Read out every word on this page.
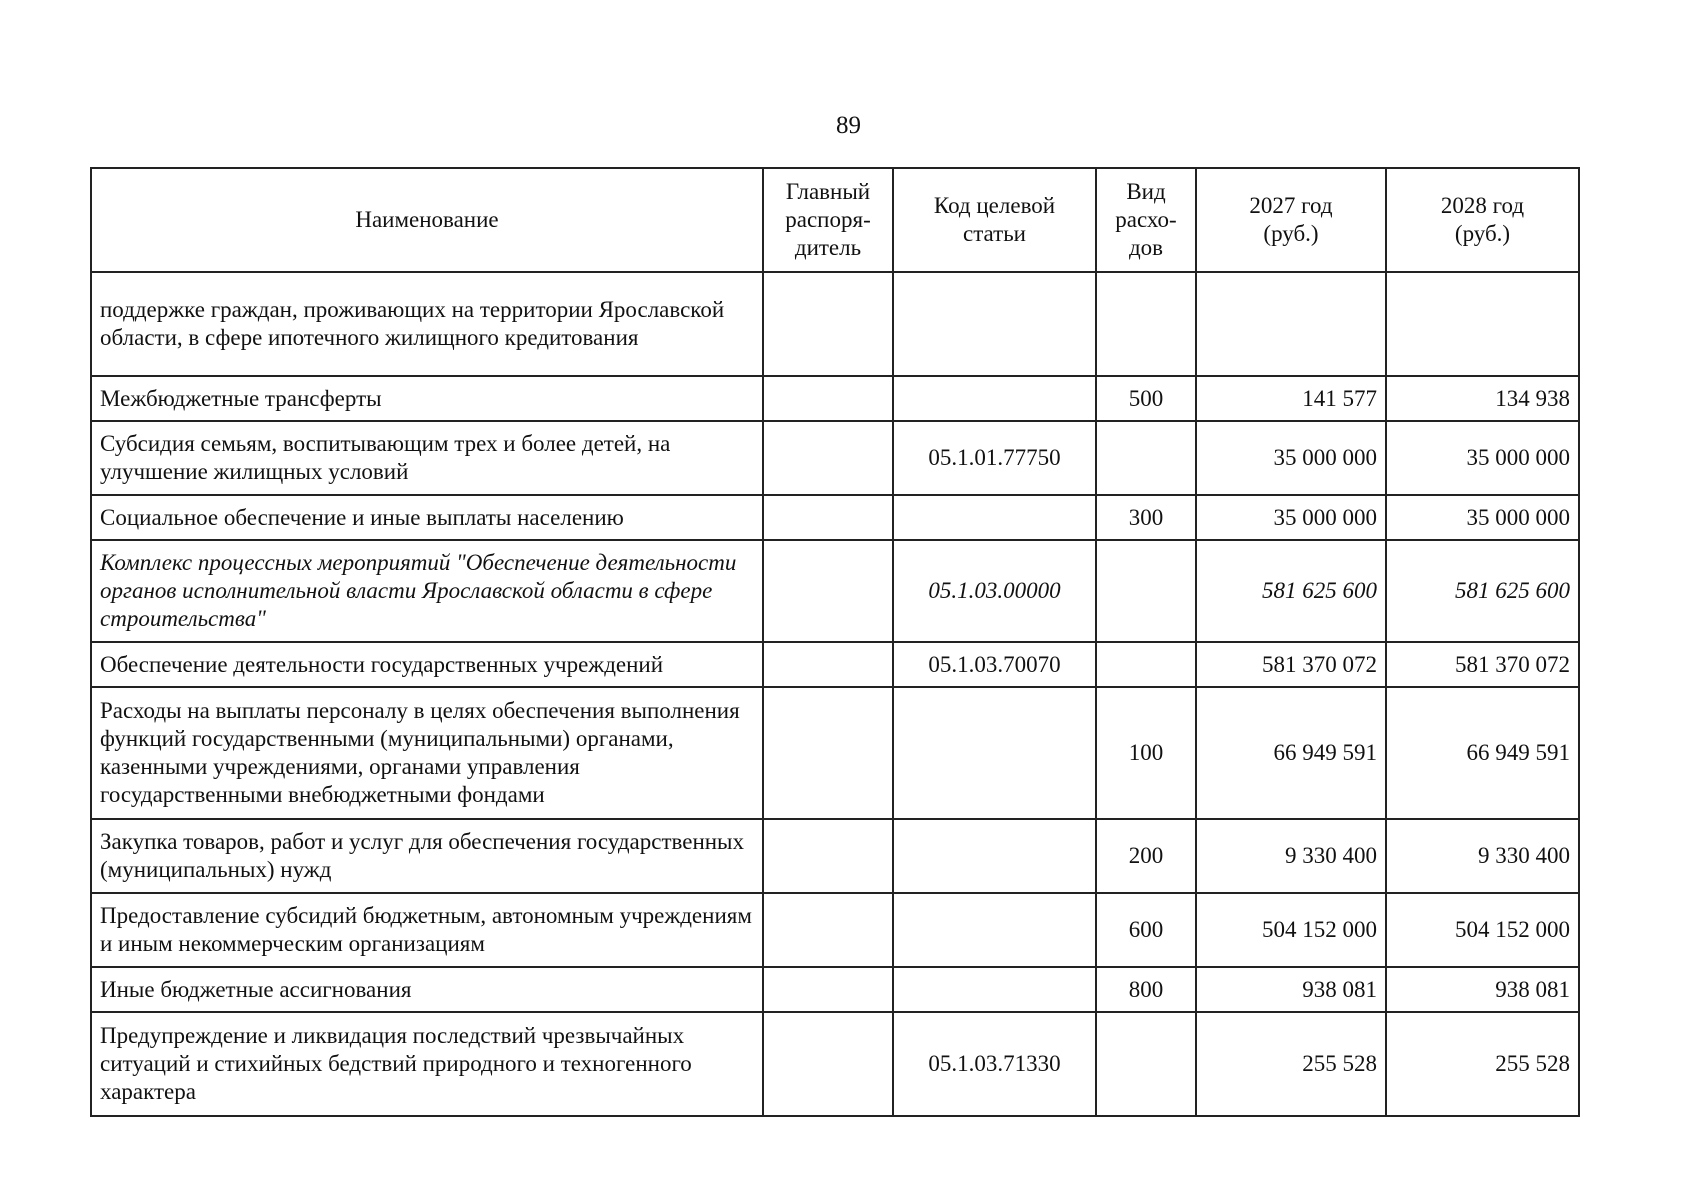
89
Наименование	Главный распоря-дитель	Код целевой статьи	Вид расхо-дов	2027 год (руб.)	2028 год (руб.)
поддержке граждан, проживающих на территории Ярославской области, в сфере ипотечного жилищного кредитования					
Межбюджетные трансферты			500	141 577	134 938
Субсидия семьям, воспитывающим трех и более детей, на улучшение жилищных условий		05.1.01.77750		35 000 000	35 000 000
Социальное обеспечение и иные выплаты населению			300	35 000 000	35 000 000
Комплекс процессных мероприятий "Обеспечение деятельности органов исполнительной власти Ярославской области в сфере строительства"		05.1.03.00000		581 625 600	581 625 600
Обеспечение деятельности государственных учреждений		05.1.03.70070		581 370 072	581 370 072
Расходы на выплаты персоналу в целях обеспечения выполнения функций государственными (муниципальными) органами, казенными учреждениями, органами управления государственными внебюджетными фондами			100	66 949 591	66 949 591
Закупка товаров, работ и услуг для обеспечения государственных (муниципальных) нужд			200	9 330 400	9 330 400
Предоставление субсидий бюджетным, автономным учреждениям и иным некоммерческим организациям			600	504 152 000	504 152 000
Иные бюджетные ассигнования			800	938 081	938 081
Предупреждение и ликвидация последствий чрезвычайных ситуаций и стихийных бедствий природного и техногенного характера		05.1.03.71330		255 528	255 528
